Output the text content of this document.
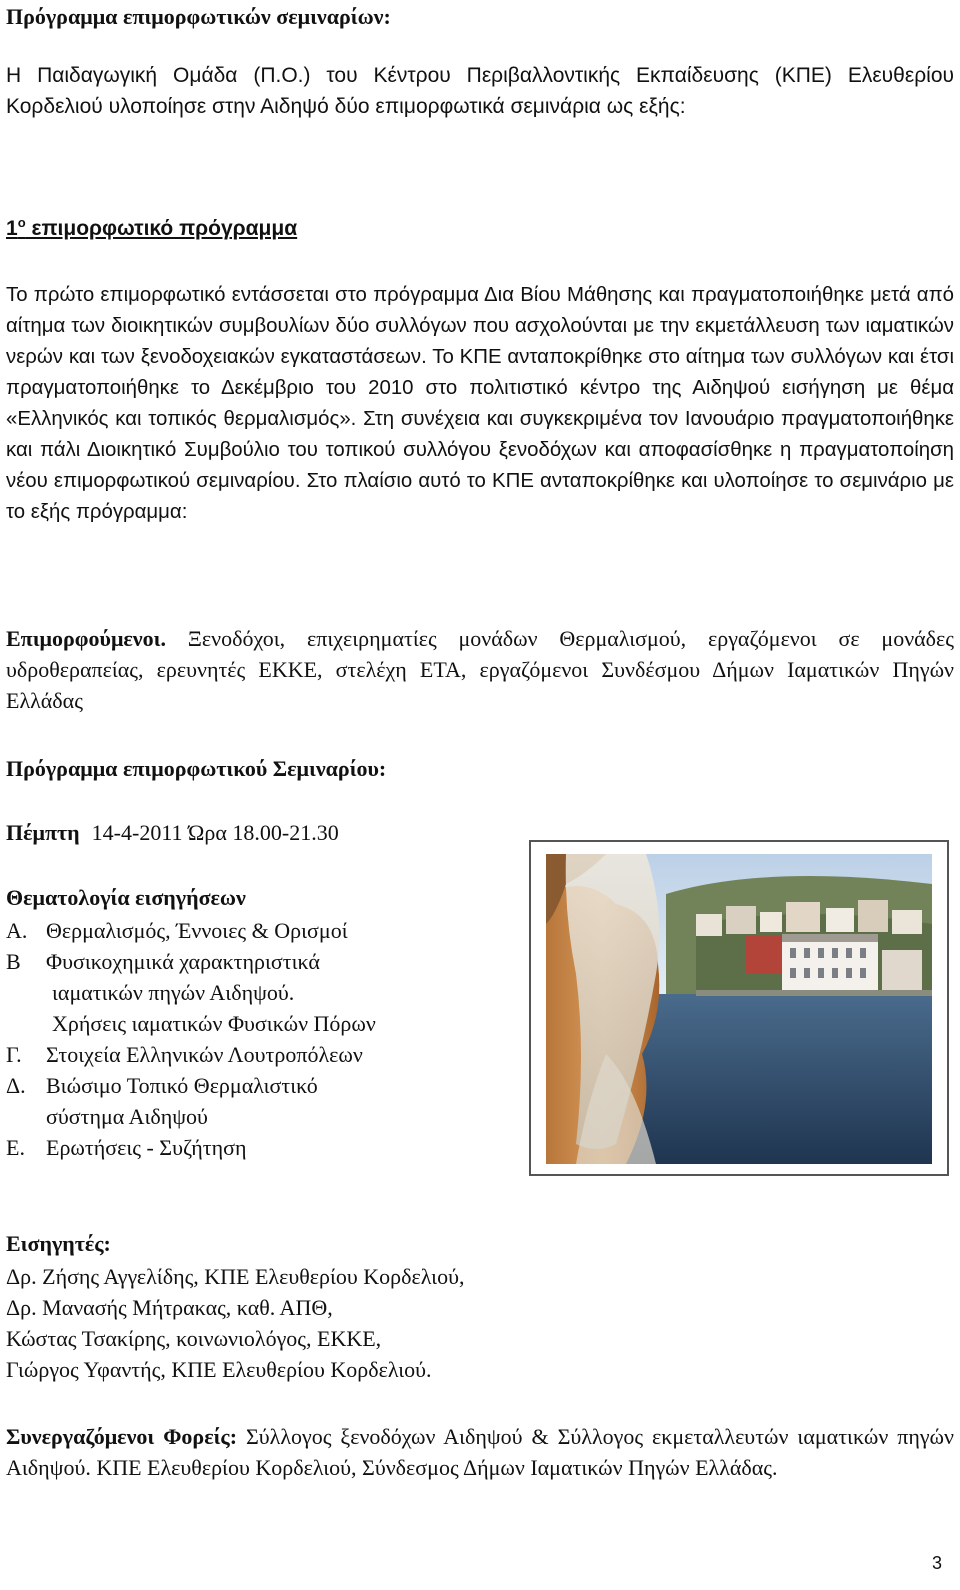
Πρόγραμμα επιμορφωτικών σεμιναρίων:
Η Παιδαγωγική Ομάδα (Π.Ο.) του Κέντρου Περιβαλλοντικής Εκπαίδευσης (ΚΠΕ) Ελευθερίου Κορδελιού υλοποίησε στην Αιδηψό δύο επιμορφωτικά σεμινάρια ως εξής:
$1^o$ επιμορφωτικό πρόγραμμα
Το πρώτο επιμορφωτικό εντάσσεται στο πρόγραμμα Δια Βίου Μάθησης και πραγματοποιήθηκε μετά από αίτημα των διοικητικών συμβουλίων δύο συλλόγων που ασχολούνται με την εκμετάλλευση των ιαματικών νερών και των ξενοδοχειακών εγκαταστάσεων. Το ΚΠΕ ανταποκρίθηκε στο αίτημα των συλλόγων και έτσι πραγματοποιήθηκε το Δεκέμβριο του 2010 στο πολιτιστικό κέντρο της Αιδηψού εισήγηση με θέμα «Ελληνικός και τοπικός θερμαλισμός». Στη συνέχεια και συγκεκριμένα τον Ιανουάριο πραγματοποιήθηκε και πάλι Διοικητικό Συμβούλιο του τοπικού συλλόγου ξενοδόχων και αποφασίσθηκε η πραγματοποίηση νέου επιμορφωτικού σεμιναρίου. Στο πλαίσιο αυτό το ΚΠΕ ανταποκρίθηκε και υλοποίησε το σεμινάριο με το εξής πρόγραμμα:
Επιμορφούμενοι. Ξενοδόχοι, επιχειρηματίες μονάδων Θερμαλισμού, εργαζόμενοι σε μονάδες υδροθεραπείας, ερευνητές ΕΚΚΕ, στελέχη ΕΤΑ, εργαζόμενοι Συνδέσμου Δήμων Ιαματικών Πηγών Ελλάδας
Πρόγραμμα επιμορφωτικού Σεμιναρίου:
Πέμπτη 14-4-2011 Ώρα 18.00-21.30
Θεματολογία εισηγήσεων
Α. Θερμαλισμός, Έννοιες & Ορισμοί
Β Φυσικοχημικά χαρακτηριστικά
ιαματικών πηγών Αιδηψού.
Χρήσεις ιαματικών Φυσικών Πόρων
Γ. Στοιχεία Ελληνικών Λουτροπόλεων
Δ. Βιώσιμο Τοπικό Θερμαλιστικό
σύστημα Αιδηψού
Ε. Ερωτήσεις - Συζήτηση
Εισηγητές:
Δρ. Ζήσης Αγγελίδης, ΚΠΕ Ελευθερίου Κορδελιού,
Δρ. Μανασής Μήτρακας, καθ. ΑΠΘ,
Κώστας Τσακίρης, κοινωνιολόγος, ΕΚΚΕ,
Γιώργος Υφαντής, ΚΠΕ Ελευθερίου Κορδελιού.
Συνεργαζόμενοι Φορείς: Σύλλογος ξενοδόχων Αιδηψού & Σύλλογος εκμεταλλευτών ιαματικών πηγών Αιδηψού. ΚΠΕ Ελευθερίου Κορδελιού, Σύνδεσμος Δήμων Ιαματικών Πηγών Ελλάδας.
3
